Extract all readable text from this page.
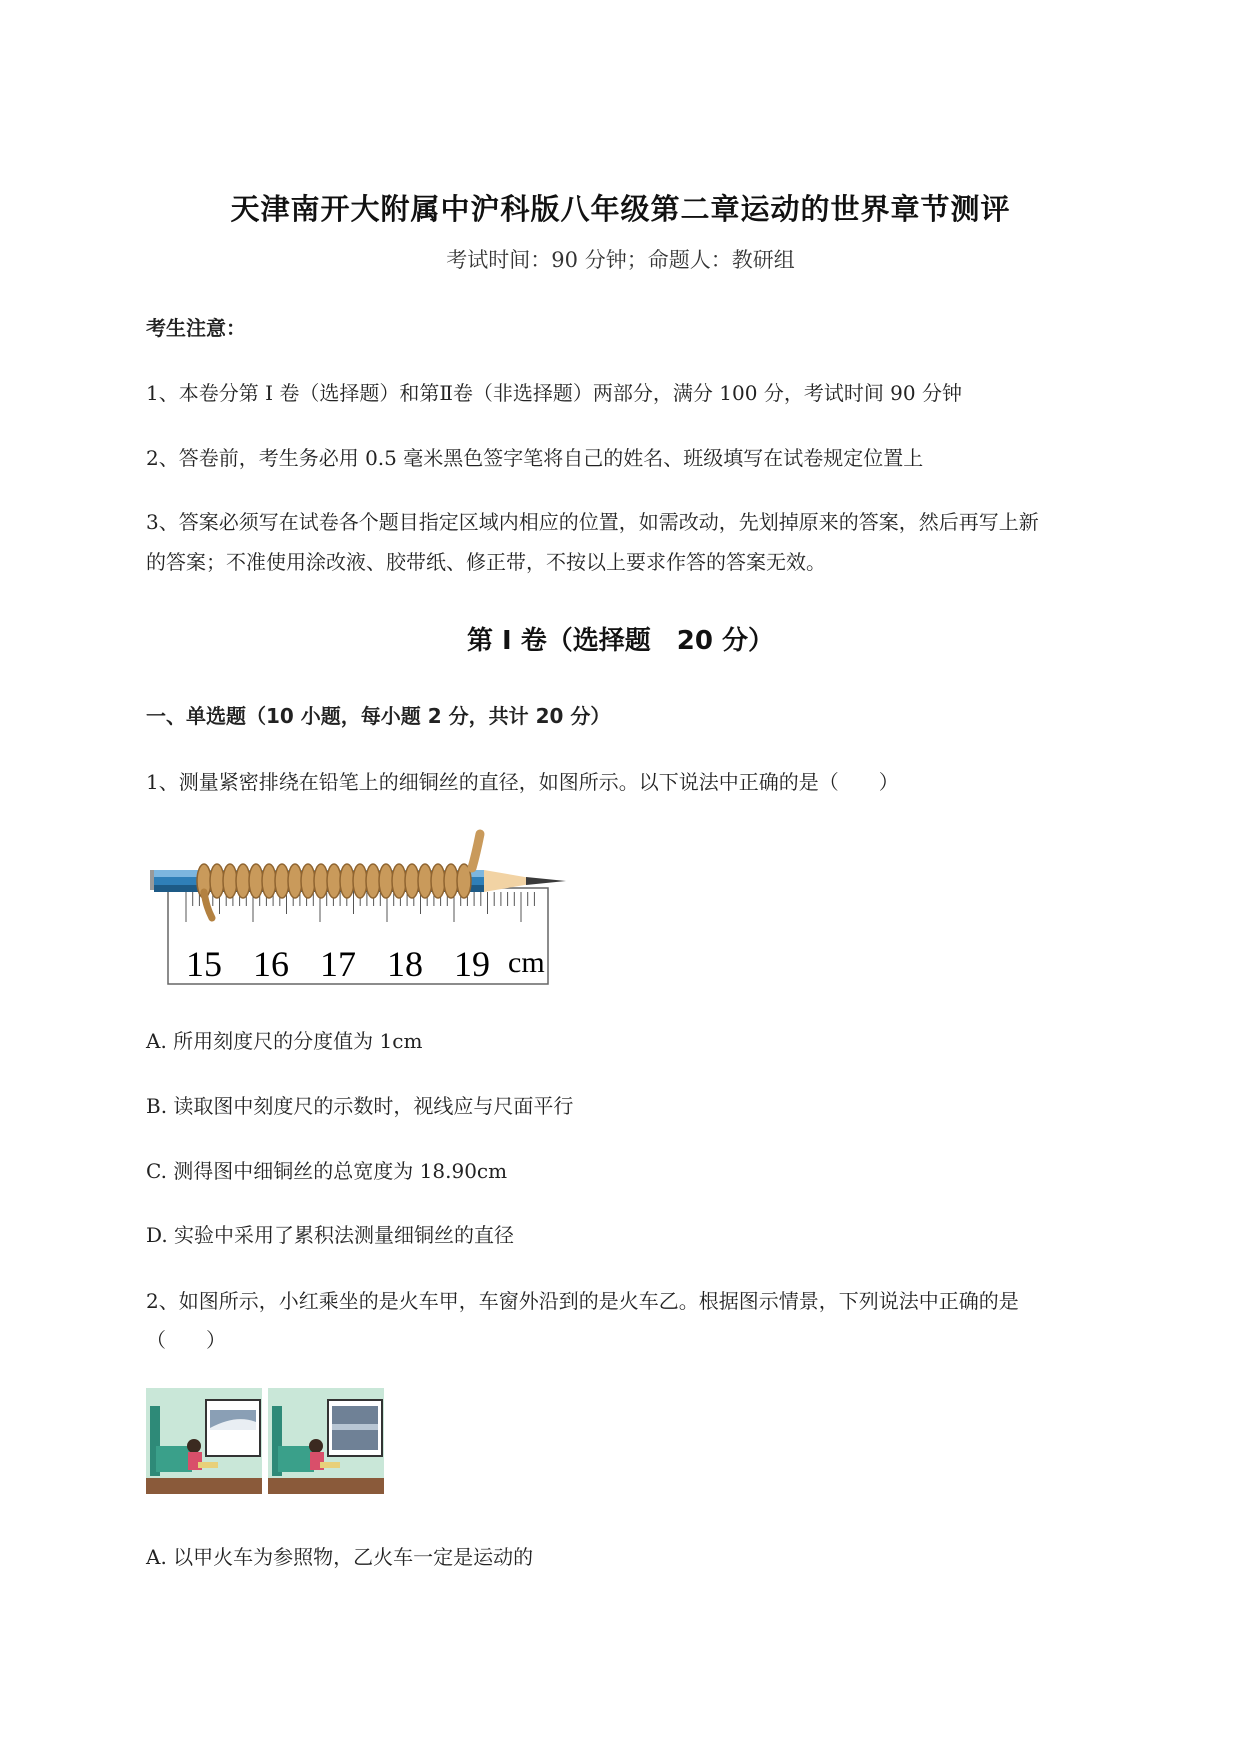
天津南开大附属中沪科版八年级第二章运动的世界章节测评
考试时间：90 分钟；命题人：教研组
考生注意：
1、本卷分第 I 卷（选择题）和第Ⅱ卷（非选择题）两部分，满分 100 分，考试时间 90 分钟
2、答卷前，考生务必用 0.5 毫米黑色签字笔将自己的姓名、班级填写在试卷规定位置上
3、答案必须写在试卷各个题目指定区域内相应的位置，如需改动，先划掉原来的答案，然后再写上新
的答案；不准使用涂改液、胶带纸、修正带，不按以上要求作答的答案无效。
第 I 卷（选择题　20 分）
一、单选题（10 小题，每小题 2 分，共计 20 分）
1、测量紧密排绕在铅笔上的细铜丝的直径，如图所示。以下说法中正确的是（　　）
15 16 17 18 19 cm
A. 所用刻度尺的分度值为 1cm
B. 读取图中刻度尺的示数时，视线应与尺面平行
C. 测得图中细铜丝的总宽度为 18.90cm
D. 实验中采用了累积法测量细铜丝的直径
2、如图所示，小红乘坐的是火车甲，车窗外沿到的是火车乙。根据图示情景，下列说法中正确的是
（　　）
A. 以甲火车为参照物，乙火车一定是运动的
